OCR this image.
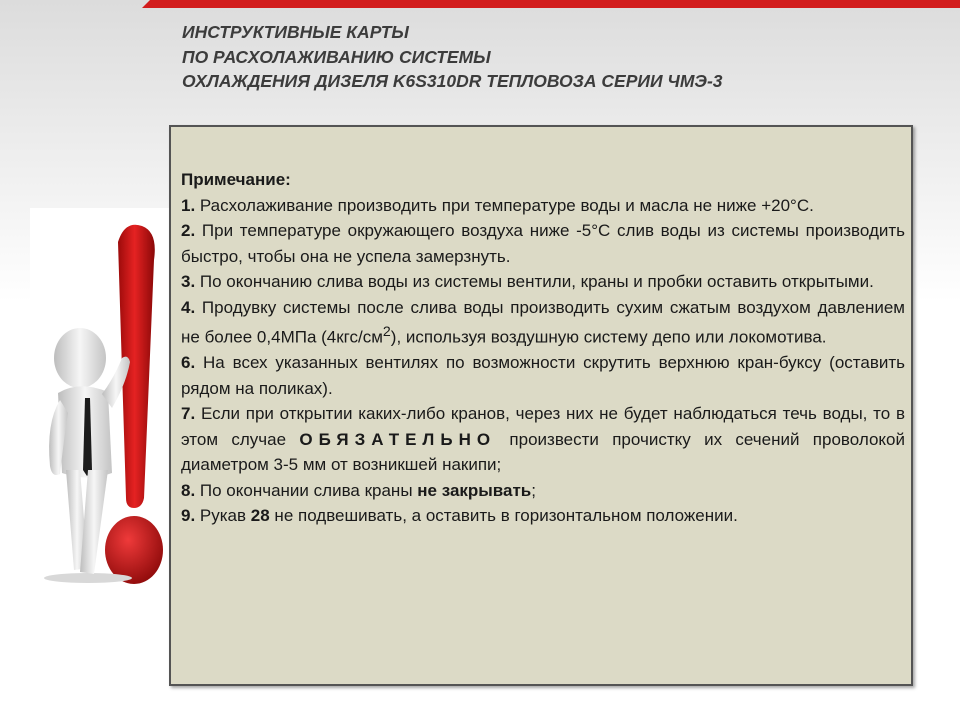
ИНСТРУКТИВНЫЕ КАРТЫ
ПО РАСХОЛАЖИВАНИЮ СИСТЕМЫ
ОХЛАЖДЕНИЯ ДИЗЕЛЯ K6S310DR ТЕПЛОВОЗА СЕРИИ ЧМЭ-3

Примечание:

1. Расхолаживание производить при температуре воды и масла не ниже +20°С.

2. При температуре окружающего воздуха ниже -5°С слив воды из системы производить быстро, чтобы она не успела замерзнуть.

3. По окончанию слива воды из системы вентили, краны и пробки оставить открытыми.

4. Продувку системы после слива воды производить сухим сжатым воздухом давлением не более 0,4МПа $(4кгс/см^2)$, используя воздушную систему депо или локомотива.

6. На всех указанных вентилях по возможности скрутить верхнюю кран-буксу (оставить рядом на поликах).

7. Если при открытии каких-либо кранов, через них не будет наблюдаться течь воды, то в этом случае ОБЯЗАТЕЛЬНО произвести прочистку их сечений проволокой диаметром 3-5 мм от возникшей накипи;

8. По окончании слива краны не закрывать;

9. Рукав 28 не подвешивать, а оставить в горизонтальном положении.
